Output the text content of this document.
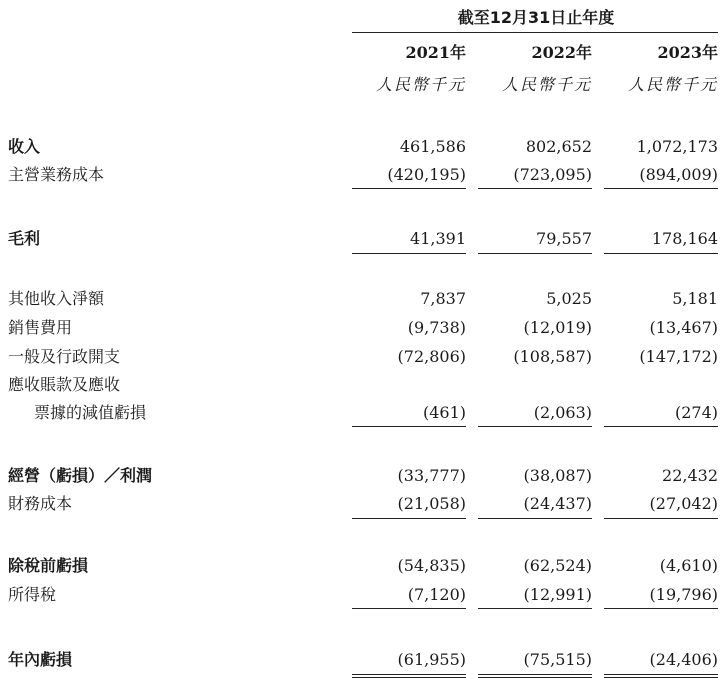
截至12月31日止年度
2021年	2022年	2023年
人民幣千元	人民幣千元	人民幣千元
收入	461,586	802,652	1,072,173
主營業務成本	(420,195)	(723,095)	(894,009)
毛利	41,391	79,557	178,164
其他收入淨額	7,837	5,025	5,181
銷售費用	(9,738)	(12,019)	(13,467)
一般及行政開支	(72,806)	(108,587)	(147,172)
應收賬款及應收
票據的減值虧損	(461)	(2,063)	(274)
經營（虧損）／利潤	(33,777)	(38,087)	22,432
財務成本	(21,058)	(24,437)	(27,042)
除稅前虧損	(54,835)	(62,524)	(4,610)
所得稅	(7,120)	(12,991)	(19,796)
年內虧損	(61,955)	(75,515)	(24,406)
